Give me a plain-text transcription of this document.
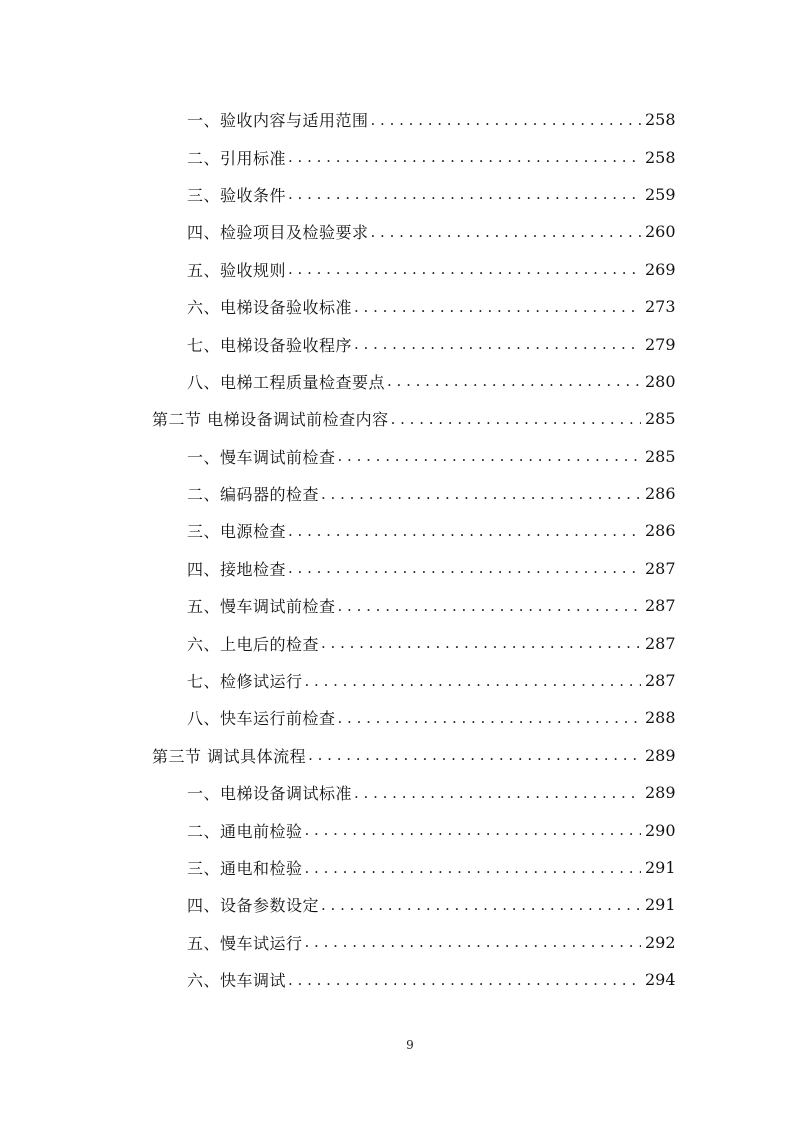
一、验收内容与适用范围 . . .	258
二、引用标准 . . .	258
三、验收条件 . . .	259
四、检验项目及检验要求 . . .	260
五、验收规则 . . .	269
六、电梯设备验收标准 . . .	273
七、电梯设备验收程序 . . .	279
八、电梯工程质量检查要点 . . .	280
第二节 电梯设备调试前检查内容 . . .	285
一、慢车调试前检查 . . .	285
二、编码器的检查 . . .	286
三、电源检查 . . .	286
四、接地检查 . . .	287
五、慢车调试前检查 . . .	287
六、上电后的检查 . . .	287
七、检修试运行 . . .	287
八、快车运行前检查 . . .	288
第三节 调试具体流程 . . .	289
一、电梯设备调试标准 . . .	289
二、通电前检验 . . .	290
三、通电和检验 . . .	291
四、设备参数设定 . . .	291
五、慢车试运行 . . .	292
六、快车调试 . . .	294
9
